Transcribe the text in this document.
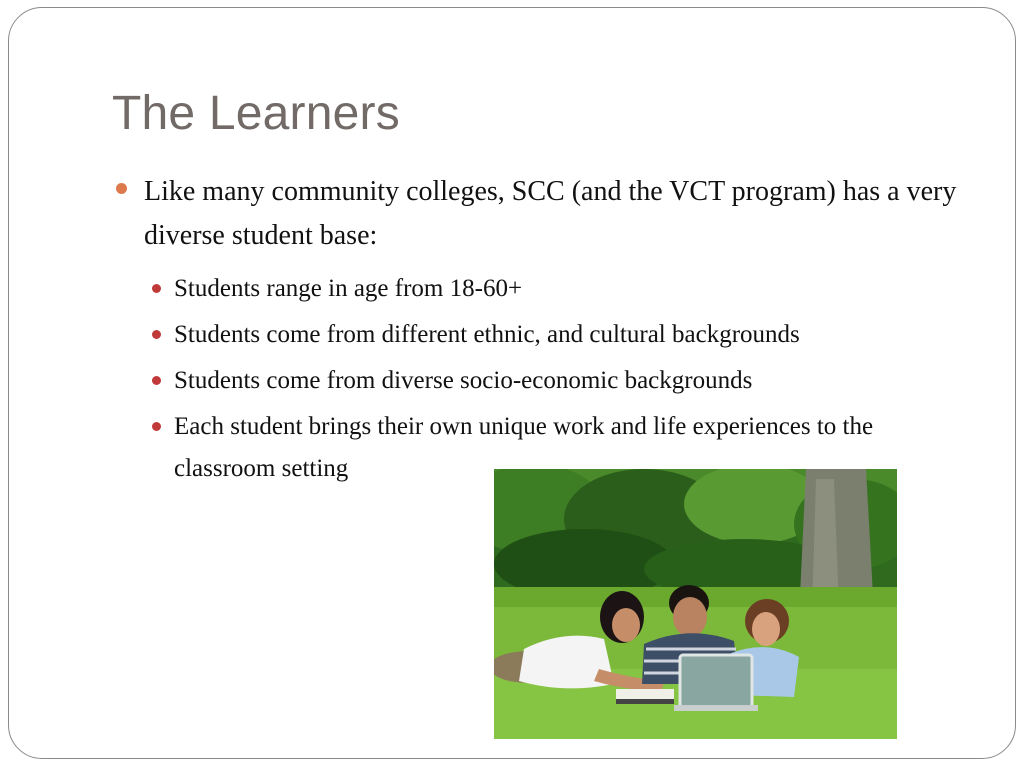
The Learners
Like many community colleges, SCC (and the VCT program) has a very diverse student base:
Students range in age from 18-60+
Students come from different ethnic, and cultural backgrounds
Students come from diverse socio-economic backgrounds
Each student brings their own unique work and life experiences to the classroom setting
